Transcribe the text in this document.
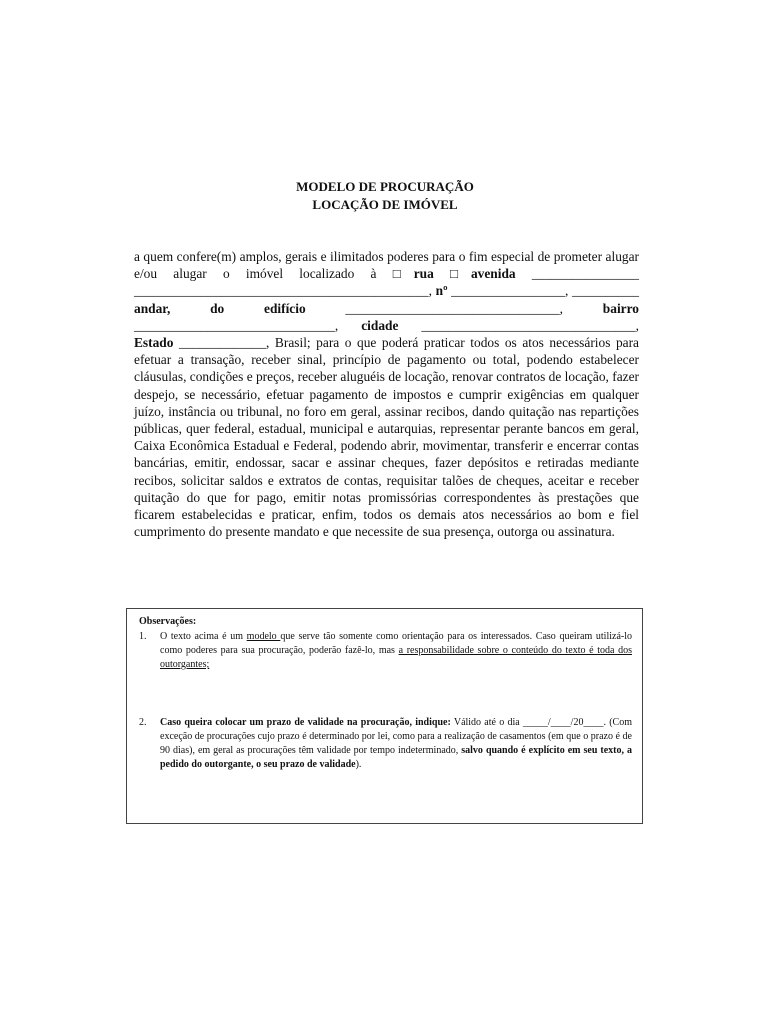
MODELO DE PROCURAÇÃO
LOCAÇÃO DE IMÓVEL

a quem confere(m) amplos, gerais e ilimitados poderes para o fim especial de prometer alugar e/ou alugar o imóvel localizado à □rua □avenida ________________ ____________________________________________, nº _________________, __________ andar, do edifício ________________________________, bairro ______________________________, cidade ________________________________, Estado _____________, Brasil; para o que poderá praticar todos os atos necessários para efetuar a transação, receber sinal, princípio de pagamento ou total, podendo estabelecer cláusulas, condições e preços, receber aluguéis de locação, renovar contratos de locação, fazer despejo, se necessário, efetuar pagamento de impostos e cumprir exigências em qualquer juízo, instância ou tribunal, no foro em geral, assinar recibos, dando quitação nas repartições públicas, quer federal, estadual, municipal e autarquias, representar perante bancos em geral, Caixa Econômica Estadual e Federal, podendo abrir, movimentar, transferir e encerrar contas bancárias, emitir, endossar, sacar e assinar cheques, fazer depósitos e retiradas mediante recibos, solicitar saldos e extratos de contas, requisitar talões de cheques, aceitar e receber quitação do que for pago, emitir notas promissórias correspondentes às prestações que ficarem estabelecidas e praticar, enfim, todos os demais atos necessários ao bom e fiel cumprimento do presente mandato e que necessite de sua presença, outorga ou assinatura.

Observações:

1. O texto acima é um modelo que serve tão somente como orientação para os interessados. Caso queiram utilizá-lo como poderes para sua procuração, poderão fazê-lo, mas a responsabilidade sobre o conteúdo do texto é toda dos outorgantes;

2. Caso queira colocar um prazo de validade na procuração, indique: Válido até o dia _____/____/20____. (Com exceção de procurações cujo prazo é determinado por lei, como para a realização de casamentos (em que o prazo é de 90 dias), em geral as procurações têm validade por tempo indeterminado, salvo quando é explícito em seu texto, a pedido do outorgante, o seu prazo de validade).
